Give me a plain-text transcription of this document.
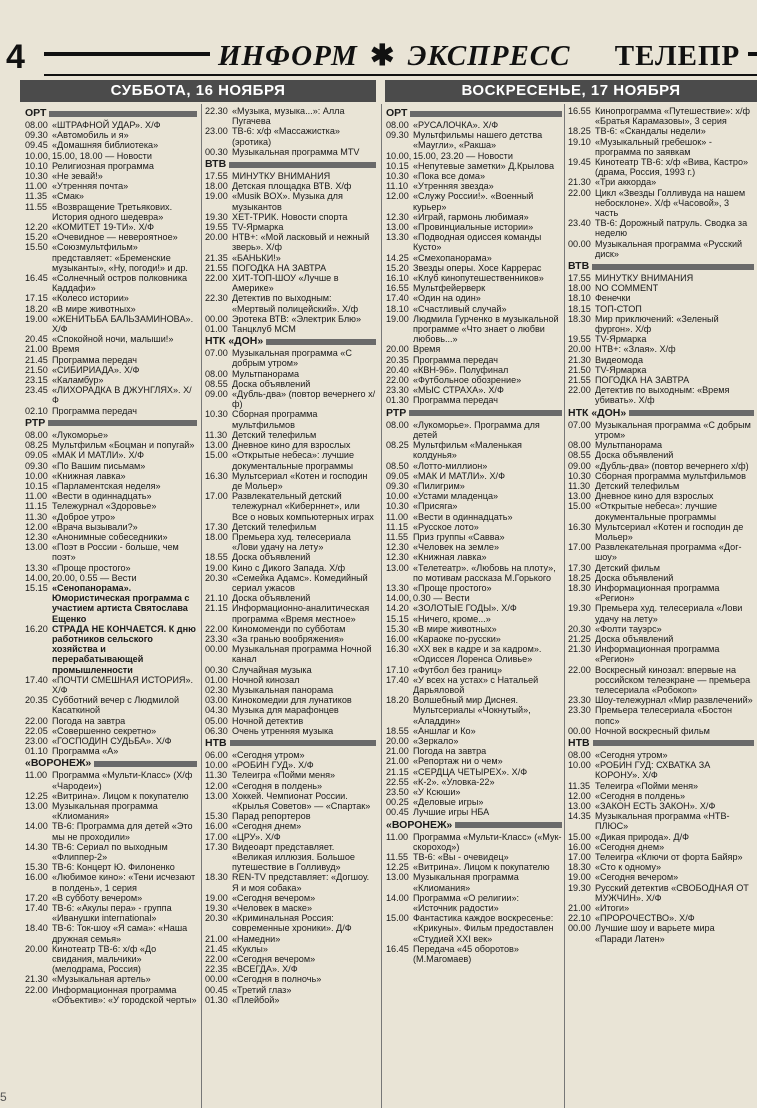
4	ИНФОРМ ✱ ЭКСПРЕСС ТЕЛЕПР
СУББОТА, 16 НОЯБРЯ	ВОСКРЕСЕНЬЕ, 17 НОЯБРЯ
ОРТ
08.00 «ШТРАФНОЙ УДАР». Х/Ф
09.30 «Автомобиль и я»
09.45 «Домашняя библиотека»
10.00, 15.00, 18.00 — Новости
10.10 Религиозная программа
10.30 «Не зевай!»
11.00 «Утренняя почта»
11.35 «Смак»
11.55 «Возвращение Третьякових. История одного шедевра»
12.20 «КОМИТЕТ 19-ТИ». Х/Ф
15.20 «Очевидное — невероятное»
15.50 «Союзмультфильм» представляет: «Бременские музыканты», «Ну, погоди!» и др.
16.45 «Солнечный остров полковника Каддафи»
17.15 «Колесо истории»
18.20 «В мире животных»
19.00 «ЖЕНИТЬБА БАЛЬЗАМИНОВА». Х/Ф
20.45 «Спокойной ночи, малыши!»
21.00 Время
21.45 Программа передач
21.50 «СИБИРИАДА». Х/Ф
23.15 «Каламбур»
23.45 «ЛИХОРАДКА В ДЖУНГЛЯХ». Х/Ф
02.10 Программа передач
РТР
08.00 «Лукоморье»
08.25 Мультфильм «Боцман и попугай»
09.05 «МАК И МАТЛИ». Х/Ф
09.30 «По Вашим письмам»
10.00 «Книжная лавка»
10.15 «Парламентская неделя»
11.00 «Вести в одиннадцать»
11.15 Тележурнал «Здоровье»
11.30 «Доброе утро»
12.00 «Врача вызывали?»
12.30 «Анонимные собеседники»
13.00 «Поэт в России - больше, чем поэт»
13.30 «Проще простого»
14.00, 20.00, 0.55 — Вести
15.15 «Сенопанорама». Юмористическая программа с участием артиста Святослава Ещенко
16.20 СТРАДА НЕ КОНЧАЕТСЯ. К дню работников сельского хозяйства и перерабатывающей промышленности
17.40 «ПОЧТИ СМЕШНАЯ ИСТОРИЯ». Х/Ф
20.35 Субботний вечер с Людмилой Касаткиной
22.00 Погода на завтра
22.05 «Совершенно секретно»
23.00 «ГОСПОДИН СУДЬБА». Х/Ф
01.10 Программа «А»
«ВОРОНЕЖ»
11.00 Программа «Мульти-Класс» (Х/ф «Чародеи»)
12.25 «Витрина». Лицом к покупателю
13.00 Музыкальная программа «Клиомания»
14.00 ТВ-6: Программа для детей «Это мы не проходили»
14.30 ТВ-6: Сериал по выходным «Флиппер-2»
15.30 ТВ-6: Концерт Ю. Филоненко
16.00 «Любимое кино»: «Тени исчезают в полдень», 1 серия
17.20 «В субботу вечером»
17.40 ТВ-6: «Акулы пера» - группа «Иванушки international»
18.40 ТВ-6: Ток-шоу «Я сама»: «Наша дружная семья»
20.00 Кинотеатр ТВ-6: х/ф «До свидания, мальчики» (мелодрама, Россия)
21.30 «Музыкальная артель»
22.00 Информационная программа «Объектив»: «У городской черты»
22.30 «Музыка, музыка...»: Алла Пугачева
23.00 ТВ-6: х/ф «Массажистка» (эротика)
00.30 Музыкальная программа MTV
ВТВ
17.55 МИНУТКУ ВНИМАНИЯ
18.00 Детская площадка ВТВ. Х/ф
19.00 «Musik BOX». Музыка для музыкантов
19.30 ХЕТ-ТРИК. Новости спорта
19.55 TV-Ярмарка
20.00 НТВ+: «Мой ласковый и нежный зверь». Х/ф
21.35 «БАНЬКИ!»
21.55 ПОГОДКА НА ЗАВТРА
22.00 ХИТ-ТОП-ШОУ «Лучше в Америке»
22.30 Детектив по выходным: «Мертвый полицейский». Х/ф
00.00 Эротека ВТВ: «Электрик Блю»
01.00 Танцклуб МСМ
НТК «ДОН»
07.00 Музыкальная программа «С добрым утром»
08.00 Мультпанорама
08.55 Доска объявлений
09.00 «Дубль-два» (повтор вечернего х/ф)
10.30 Сборная программа мультфильмов
11.30 Детский телефильм
13.00 Дневное кино для взрослых
15.00 «Открытые небеса»: лучшие документальные программы
16.30 Мультсериал «Котен и господин де Мольер»
17.00 Развлекательный детский тележурнал «Киберннет», или Все о новых компьютерных играх
17.30 Детский телефильм
18.00 Премьера худ. телесериала «Лови удачу на лету»
18.55 Доска объявлений
19.00 Кино с Дикого Запада. Х/ф
20.30 «Семейка Адамс». Комедийный сериал ужасов
21.10 Доска объявлений
21.15 Информационно-аналитическая программа «Время местное»
22.00 Киномоменди по субботам
23.30 «За гранью вообряжения»
00.00 Музыкальная программа Ночной канал
00.30 Случайная музыка
01.00 Ночной кинозал
02.30 Музыкальная панорама
03.00 Кинокомедии для лунатиков
04.30 Музыка для марафонцев
05.00 Ночной детектив
06.30 Очень утренняя музыка
НТВ
06.00 «Сегодня утром»
10.00 «РОБИН ГУД». Х/Ф
11.30 Телеигра «Пойми меня»
12.00 «Сегодня в полдень»
13.00 Хоккей. Чемпионат России. «Крылья Советов» — «Спартак»
15.30 Парад репортеров
16.00 «Сегодня днем»
17.00 «ЦРУ». Х/Ф
17.30 Видеоарт представляет. «Великая иллюзия. Большое путешествие в Голливуд»
18.30 REN-TV представляет: «Догшоу. Я и моя собака»
19.00 «Сегодня вечером»
19.30 «Человек в маске»
20.30 «Криминальная Россия: современные хроники». Д/Ф
21.00 «Намедни»
21.45 «Куклы»
22.00 «Сегодня вечером»
22.35 «ВСЕГДА». Х/Ф
00.00 «Сегодня в полночь»
00.45 «Третий глаз»
01.30 «Плейбой»
ОРТ
08.00 «РУСАЛОЧКА». Х/Ф
09.30 Мультфильмы нашего детства «Маугли», «Ракша»
10.00, 15.00, 23.20 — Новости
10.15 «Непутевые заметки» Д.Крылова
10.30 «Пока все дома»
11.10 «Утренняя звезда»
12.00 «Служу России!». «Военный курьер»
12.30 «Играй, гармонь любимая»
13.00 «Провинциальные истории»
13.30 «Подводная одиссея команды Кусто»
14.25 «Смехопанорама»
15.20 Звезды оперы. Хосе Каррерас
16.10 «Клуб кинопутешественников»
16.55 Мультфейерверк
17.40 «Один на один»
18.10 «Счастливый случай»
19.00 Людмила Гурченко в музыкальной программе «Что знает о любви любовь...»
20.00 Время
20.35 Программа передач
20.40 «КВН-96». Полуфинал
22.00 «Футбольное обозрение»
23.30 «МЫС СТРАХА». Х/Ф
01.30 Программа передач
РТР
08.00 «Лукоморье». Программа для детей
08.25 Мультфильм «Маленькая колдунья»
08.50 «Лотто-миллион»
09.05 «МАК И МАТЛИ». Х/Ф
09.30 «Пилигрим»
10.00 «Устами младенца»
10.30 «Присяга»
11.00 «Вести в одиннадцать»
11.15 «Русское лото»
11.55 Приз группы «Савва»
12.30 «Человек на земле»
12.30 «Книжная лавка»
13.00 «Телетеатр». «Любовь на плоту», по мотивам рассказа М.Горького
13.30 «Проще простого»
14.00, 0.30 — Вести
14.20 «ЗОЛОТЫЕ ГОДЫ». Х/Ф
15.15 «Ничего, кроме...»
15.30 «В мире животных»
16.00 «Караоке по-русски»
16.30 «ХХ век в кадре и за кадром». «Одиссея Лоренса Оливье»
17.10 «Футбол без границ»
17.40 «У всех на устах» с Натальей Дарьяловой
18.20 Волшебный мир Диснея. Мультсериалы «Чокнутый», «Аладдин»
18.55 «Аншлаг и Ко»
20.00 «Зеркало»
21.00 Погода на завтра
21.00 «Репортаж ни о чем»
21.15 «СЕРДЦА ЧЕТЫРЕХ». Х/Ф
22.55 «К-2». «Уловка-22»
23.50 «У Ксюши»
00.25 «Деловые игры»
00.45 Лучшие игры НБА
«ВОРОНЕЖ»
11.00 Программа «Мульти-Класс» («Мук-скороход»)
11.55 ТВ-6: «Вы - очевидец»
12.25 «Витрина». Лицом к покупателю
13.00 Музыкальная программа «Клиомания»
14.00 Программа «О религии»: «Источник радости»
15.00 Фантастика каждое воскресенье: «Крикуны». Фильм предоставлен «Студией XXI век»
16.45 Передача «45 оборотов» (М.Магомаев)
16.55 Кинопрограмма «Путешествие»: х/ф «Братья Карамазовы», 3 серия
18.25 ТВ-6: «Скандалы недели»
19.10 «Музыкальный гребешок» - программа по заявкам
19.45 Кинотеатр ТВ-6: х/ф «Вива, Кастро» (драма, Россия, 1993 г.)
21.30 «Три аккорда»
22.00 Цикл «Звезды Голливуда на нашем небосклоне». Х/ф «Часовой», 3 часть
23.40 ТВ-6: Дорожный патруль. Сводка за неделю
00.00 Музыкальная программа «Русский диск»
ВТВ
17.55 МИНУТКУ ВНИМАНИЯ
18.00 NO COMMENT
18.10 Фенечки
18.15 ТОП-СТОП
18.30 Мир приключений: «Зеленый фургон». Х/ф
19.55 TV-Ярмарка
20.00 НТВ+: «Злая». Х/ф
21.30 Видеомода
21.50 TV-Ярмарка
21.55 ПОГОДКА НА ЗАВТРА
22.00 Детектив по выходным: «Время убивать». Х/ф
НТК «ДОН»
07.00 Музыкальная программа «С добрым утром»
08.00 Мультпанорама
08.55 Доска объявлений
09.00 «Дубль-два» (повтор вечернего х/ф)
10.30 Сборная программа мультфильмов
11.30 Детский телефильм
13.00 Дневное кино для взрослых
15.00 «Открытые небеса»: лучшие документальные программы
16.30 Мультсериал «Котен и господин де Мольер»
17.00 Развлекательная программа «Дог-шоу»
17.30 Детский фильм
18.25 Доска объявлений
18.30 Информационная программа «Регион»
19.30 Премьера худ. телесериала «Лови удачу на лету»
20.30 «Фолти тауэрс»
21.25 Доска объявлений
21.30 Информационная программа «Регион»
22.00 Воскресный кинозал: впервые на российском телеэкране — премьера телесериала «Робокоп»
23.30 Шоу-тележурнал «Мир развлечений»
23.30 Премьера телесериала «Бостон попс»
00.00 Ночной воскресный фильм
НТВ
08.00 «Сегодня утром»
10.00 «РОБИН ГУД: СХВАТКА ЗА КОРОНУ». Х/Ф
11.35 Телеигра «Пойми меня»
12.00 «Сегодня в полдень»
13.00 «ЗАКОН ЕСТЬ ЗАКОН». Х/Ф
14.35 Музыкальная программа «НТВ-ПЛЮС»
15.00 «Дикая природа». Д/Ф
16.00 «Сегодня днем»
17.00 Телеигра «Ключи от форта Байяр»
18.30 «Сто к одному»
19.00 «Сегодня вечером»
19.30 Русский детектив «СВОБОДНАЯ ОТ МУЖЧИН». Х/Ф
21.00 «Итоги»
22.10 «ПРОРОЧЕСТВО». Х/Ф
00.00 Лучшие шоу и варьете мира «Паради Латен»
5
